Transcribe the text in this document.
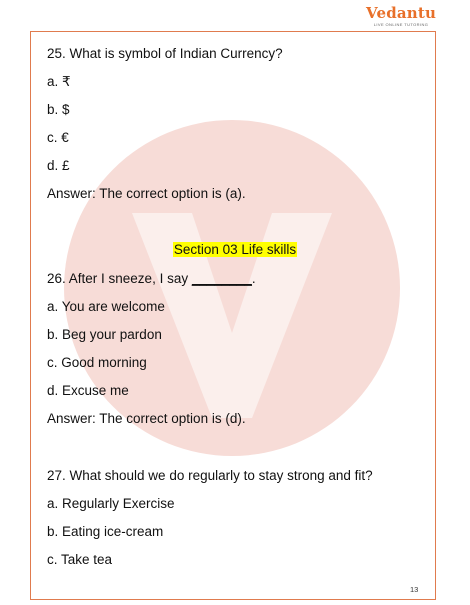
Vedantu
LIVE ONLINE TUTORING
25. What is symbol of Indian Currency?
a. ₹
b. $
c. €
d. £
Answer: The correct option is (a).
Section 03 Life skills
26. After I sneeze, I say ________.
a. You are welcome
b. Beg your pardon
c. Good morning
d. Excuse me
Answer: The correct option is (d).
27. What should we do regularly to stay strong and fit?
a. Regularly Exercise
b. Eating ice-cream
c. Take tea
13
